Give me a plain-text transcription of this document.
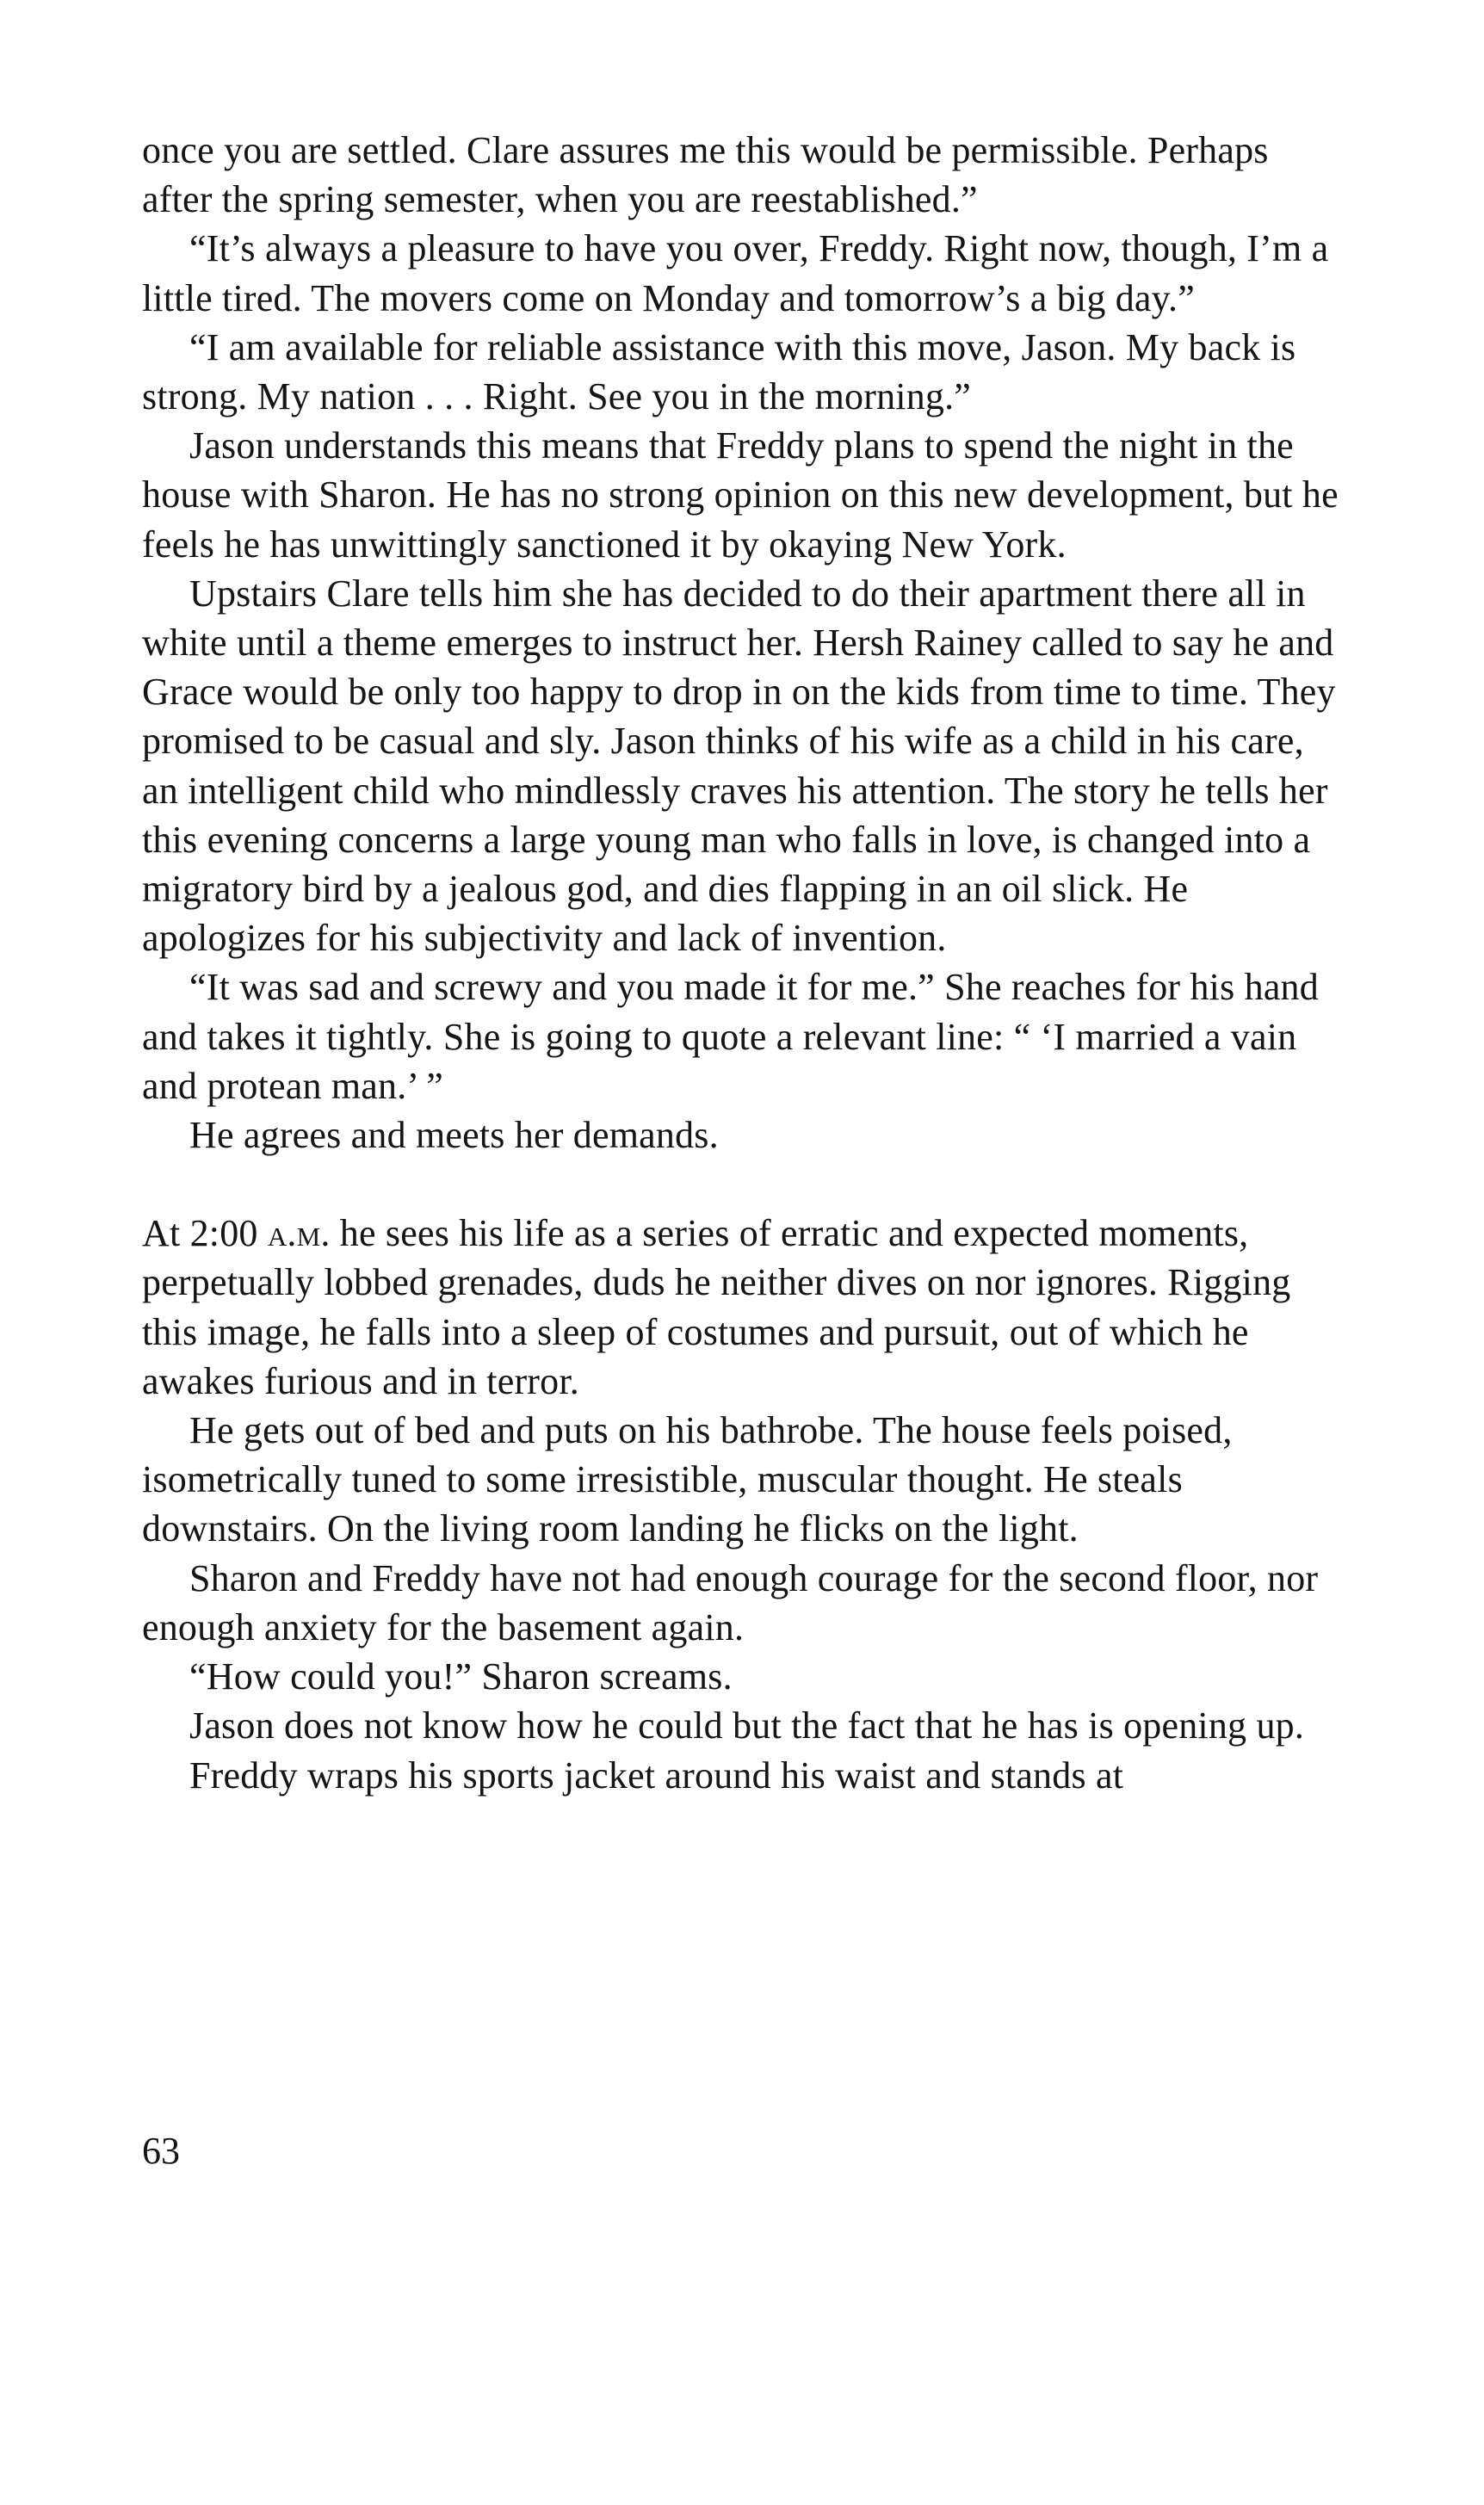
once you are settled. Clare assures me this would be permissible. Perhaps after the spring semester, when you are reestablished.”

“It’s always a pleasure to have you over, Freddy. Right now, though, I’m a little tired. The movers come on Monday and tomorrow’s a big day.”

“I am available for reliable assistance with this move, Jason. My back is strong. My nation . . . Right. See you in the morning.”

Jason understands this means that Freddy plans to spend the night in the house with Sharon. He has no strong opinion on this new development, but he feels he has unwittingly sanctioned it by okaying New York.

Upstairs Clare tells him she has decided to do their apartment there all in white until a theme emerges to instruct her. Hersh Rainey called to say he and Grace would be only too happy to drop in on the kids from time to time. They promised to be casual and sly. Jason thinks of his wife as a child in his care, an intelligent child who mindlessly craves his attention. The story he tells her this evening concerns a large young man who falls in love, is changed into a migratory bird by a jealous god, and dies flapping in an oil slick. He apologizes for his subjectivity and lack of invention.

“It was sad and screwy and you made it for me.” She reaches for his hand and takes it tightly. She is going to quote a relevant line: “ ‘I married a vain and protean man.’ ”

He agrees and meets her demands.

At 2:00 a.m. he sees his life as a series of erratic and expected moments, perpetually lobbed grenades, duds he neither dives on nor ignores. Rigging this image, he falls into a sleep of costumes and pursuit, out of which he awakes furious and in terror.

He gets out of bed and puts on his bathrobe. The house feels poised, isometrically tuned to some irresistible, muscular thought. He steals downstairs. On the living room landing he flicks on the light.

Sharon and Freddy have not had enough courage for the second floor, nor enough anxiety for the basement again.

“How could you!” Sharon screams.

Jason does not know how he could but the fact that he has is opening up.

Freddy wraps his sports jacket around his waist and stands at

63
